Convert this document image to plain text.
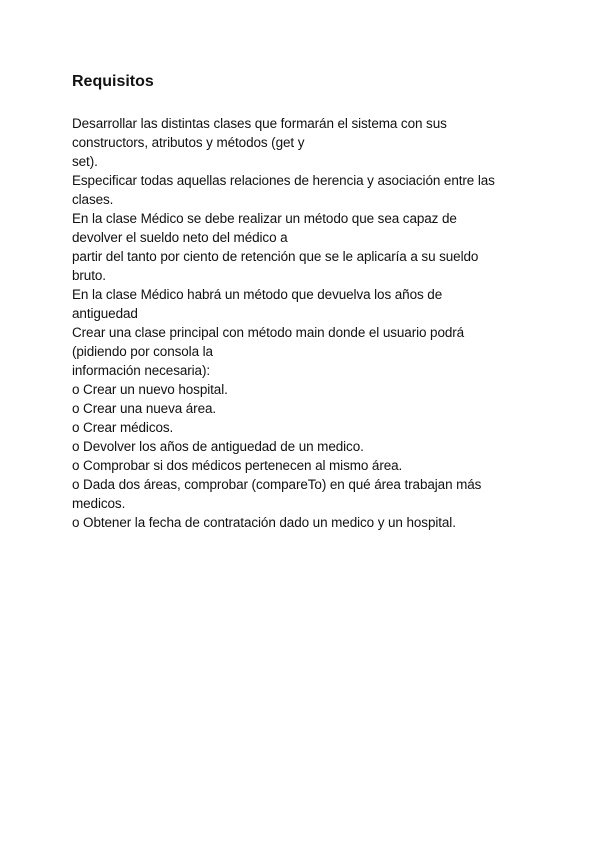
Requisitos
Desarrollar las distintas clases que formarán el sistema con sus
constructors, atributos y métodos (get y
set).
Especificar todas aquellas relaciones de herencia y asociación entre las
clases.
En la clase Médico se debe realizar un método que sea capaz de
devolver el sueldo neto del médico a
partir del tanto por ciento de retención que se le aplicaría a su sueldo
bruto.
En la clase Médico habrá un método que devuelva los años de
antiguedad
Crear una clase principal con método main donde el usuario podrá
(pidiendo por consola la
información necesaria):
o Crear un nuevo hospital.
o Crear una nueva área.
o Crear médicos.
o Devolver los años de antiguedad de un medico.
o Comprobar si dos médicos pertenecen al mismo área.
o Dada dos áreas, comprobar (compareTo) en qué área trabajan más
medicos.
o Obtener la fecha de contratación dado un medico y un hospital.
